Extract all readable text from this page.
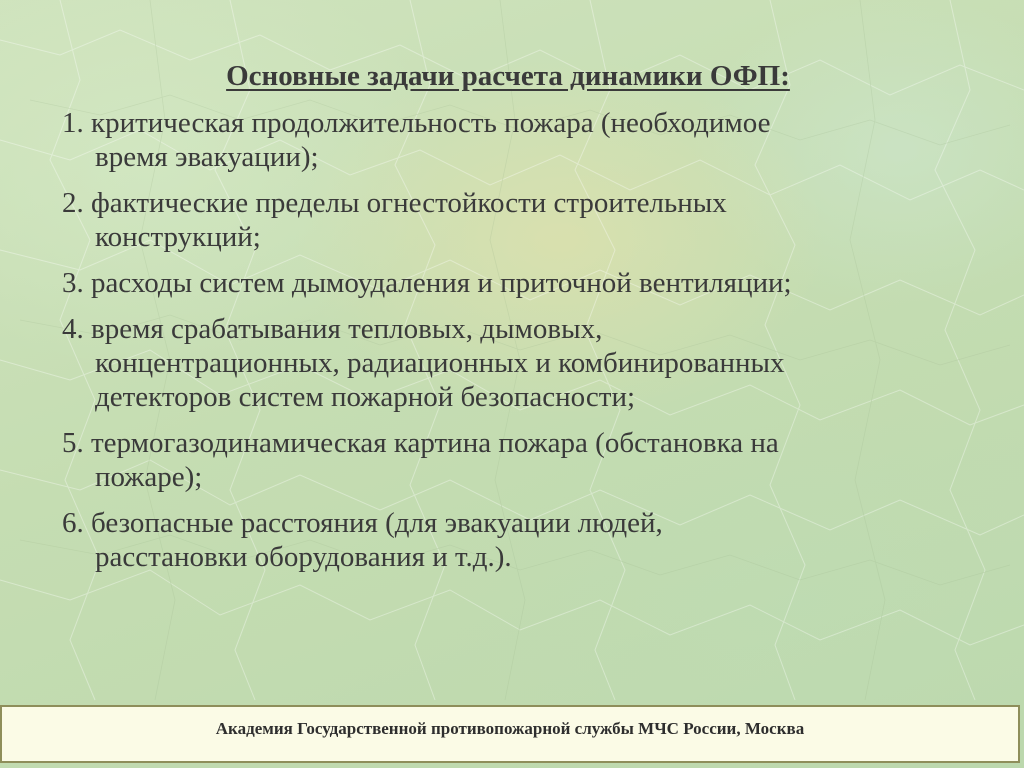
Основные задачи расчета динамики ОФП:
1. критическая продолжительность пожара (необходимое
время эвакуации);
2. фактические пределы огнестойкости строительных
конструкций;
3. расходы систем дымоудаления и приточной вентиляции;
4. время срабатывания тепловых, дымовых,
концентрационных, радиационных и комбинированных
детекторов систем пожарной безопасности;
5. термогазодинамическая картина пожара (обстановка на
пожаре);
6. безопасные расстояния (для эвакуации людей,
расстановки оборудования и т.д.).
Академия Государственной противопожарной службы МЧС России, Москва
